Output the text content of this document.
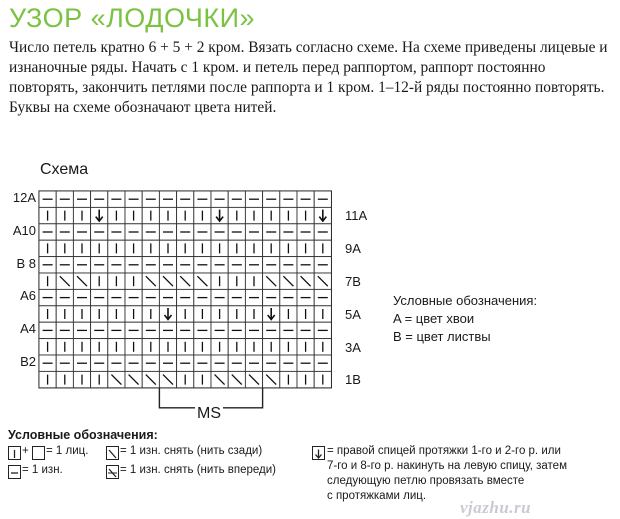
УЗОР «ЛОДОЧКИ»

Число петель кратно 6 + 5 + 2 кром. Вязать согласно схеме. На схеме приведены лицевые и изнаночные ряды. Начать с 1 кром. и петель перед раппортом, раппорт постоянно повторять, закончить петлями после раппорта и 1 кром. 1–12-й ряды постоянно повторять. Буквы на схеме обозначают цвета нитей.

Схема
12A
11A
A10
9A
B 8
7B
A6
5A
A4
3A
B2
1B
MS
Условные обозначения:
A = цвет хвои
B = цвет листвы
Условные обозначения:
+ = 1 лиц.
= 1 изн.
= 1 изн. снять (нить сзади)
= 1 изн. снять (нить впереди)
= правой спицей протяжки 1-го и 2-го р. или
7-го и 8-го р. накинуть на левую спицу, затем
следующую петлю провязать вместе
с протяжками лиц.
vjazhu.ru
